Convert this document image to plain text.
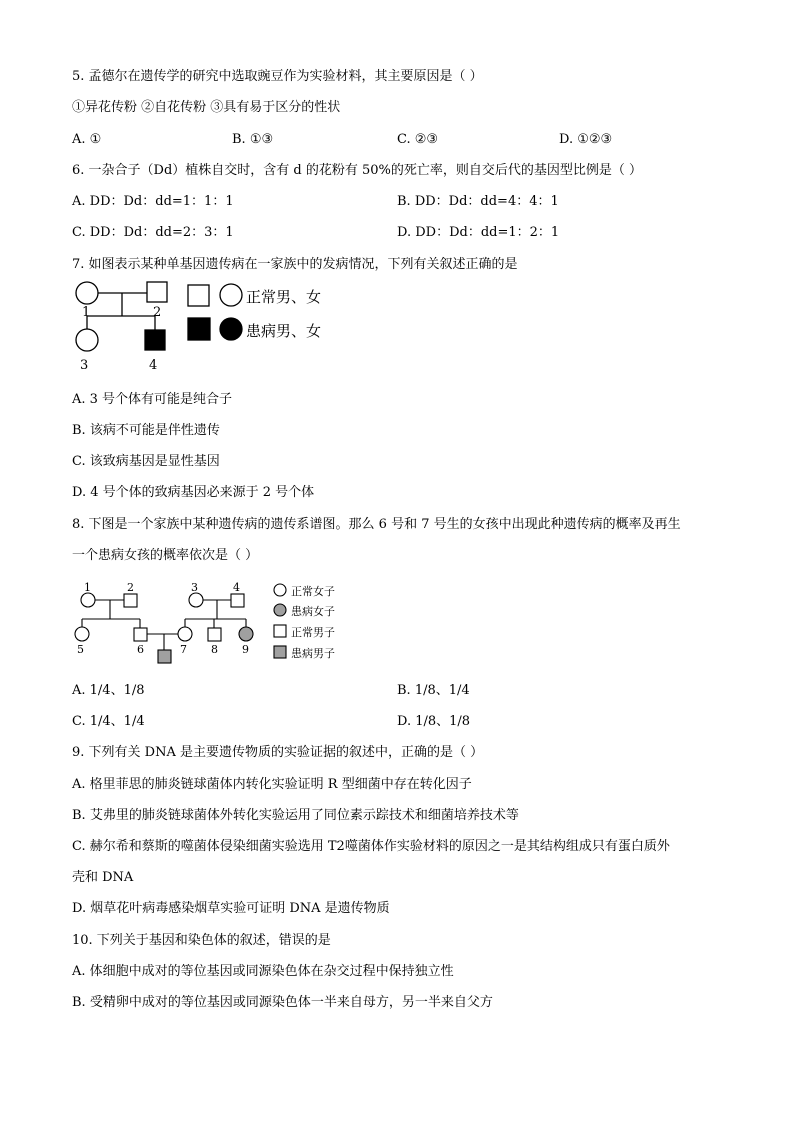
5. 孟德尔在遗传学的研究中选取豌豆作为实验材料，其主要原因是（ ）
①异花传粉 ②自花传粉 ③具有易于区分的性状
A. ①	B. ①③	C. ②③	D. ①②③
6. 一杂合子（Dd）植株自交时，含有 d 的花粉有 50%的死亡率，则自交后代的基因型比例是（ ）
A. DD：Dd：dd=1：1：1	B. DD：Dd：dd=4：4：1
C. DD：Dd：dd=2：3：1	D. DD：Dd：dd=1：2：1
7. 如图表示某种单基因遗传病在一家族中的发病情况，下列有关叙述正确的是
1	2
3	4
1	2	3	4
5	6	7 8 9
正常男、女
患病男、女
A. 3 号个体有可能是纯合子
B. 该病不可能是伴性遗传
C. 该致病基因是显性基因
D. 4 号个体的致病基因必来源于 2 号个体
8. 下图是一个家族中某种遗传病的遗传系谱图。那么 6 号和 7 号生的女孩中出现此种遗传病的概率及再生
一个患病女孩的概率依次是（ ）
正常女子
患病女子
正常男子
患病男子
A. 1/4、1/8	B. 1/8、1/4
C. 1/4、1/4	D. 1/8、1/8
9. 下列有关 DNA 是主要遗传物质的实验证据的叙述中，正确的是（ ）
A. 格里菲思的肺炎链球菌体内转化实验证明 R 型细菌中存在转化因子
B. 艾弗里的肺炎链球菌体外转化实验运用了同位素示踪技术和细菌培养技术等
C. 赫尔希和蔡斯的噬菌体侵染细菌实验选用 T2噬菌体作实验材料的原因之一是其结构组成只有蛋白质外
壳和 DNA
D. 烟草花叶病毒感染烟草实验可证明 DNA 是遗传物质
10. 下列关于基因和染色体的叙述，错误的是
A. 体细胞中成对的等位基因或同源染色体在杂交过程中保持独立性
B. 受精卵中成对的等位基因或同源染色体一半来自母方，另一半来自父方
